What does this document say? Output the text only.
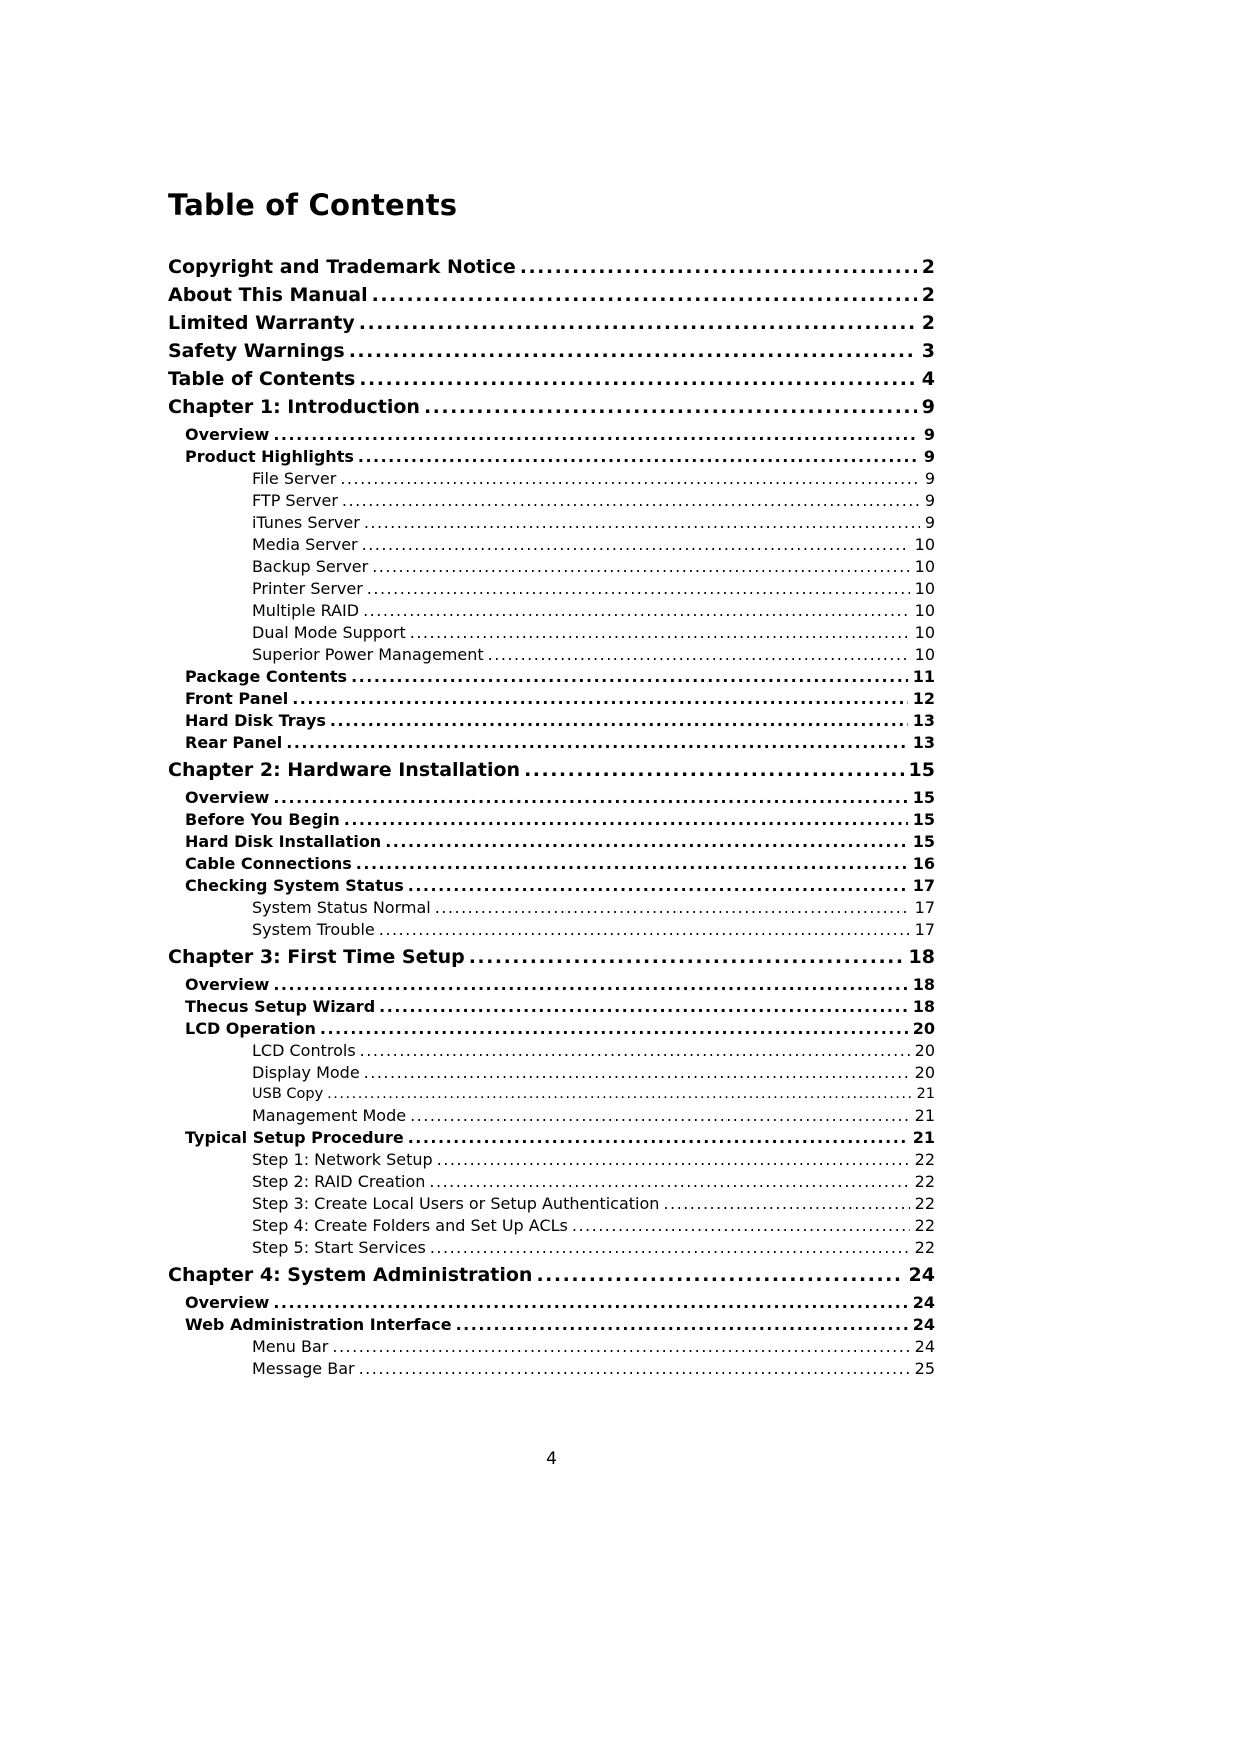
Table of Contents
Copyright and Trademark Notice .....	2
About This Manual .....	2
Limited Warranty .....	2
Safety Warnings .....	3
Table of Contents .....	4
Chapter 1: Introduction .....	9
Overview .....	9
Product Highlights .....	9
File Server .....	9
FTP Server .....	9
iTunes Server .....	9
Media Server .....	10
Backup Server .....	10
Printer Server .....	10
Multiple RAID .....	10
Dual Mode Support .....	10
Superior Power Management .....	10
Package Contents .....	11
Front Panel .....	12
Hard Disk Trays .....	13
Rear Panel .....	13
Chapter 2: Hardware Installation .....	15
Overview .....	15
Before You Begin .....	15
Hard Disk Installation .....	15
Cable Connections .....	16
Checking System Status .....	17
System Status Normal .....	17
System Trouble .....	17
Chapter 3: First Time Setup .....	18
Overview .....	18
Thecus Setup Wizard .....	18
LCD Operation .....	20
LCD Controls .....	20
Display Mode .....	20
USB Copy .....	21
Management Mode .....	21
Typical Setup Procedure .....	21
Step 1: Network Setup .....	22
Step 2: RAID Creation .....	22
Step 3: Create Local Users or Setup Authentication .....	22
Step 4: Create Folders and Set Up ACLs .....	22
Step 5: Start Services .....	22
Chapter 4: System Administration .....	24
Overview .....	24
Web Administration Interface .....	24
Menu Bar .....	24
Message Bar .....	25
4
